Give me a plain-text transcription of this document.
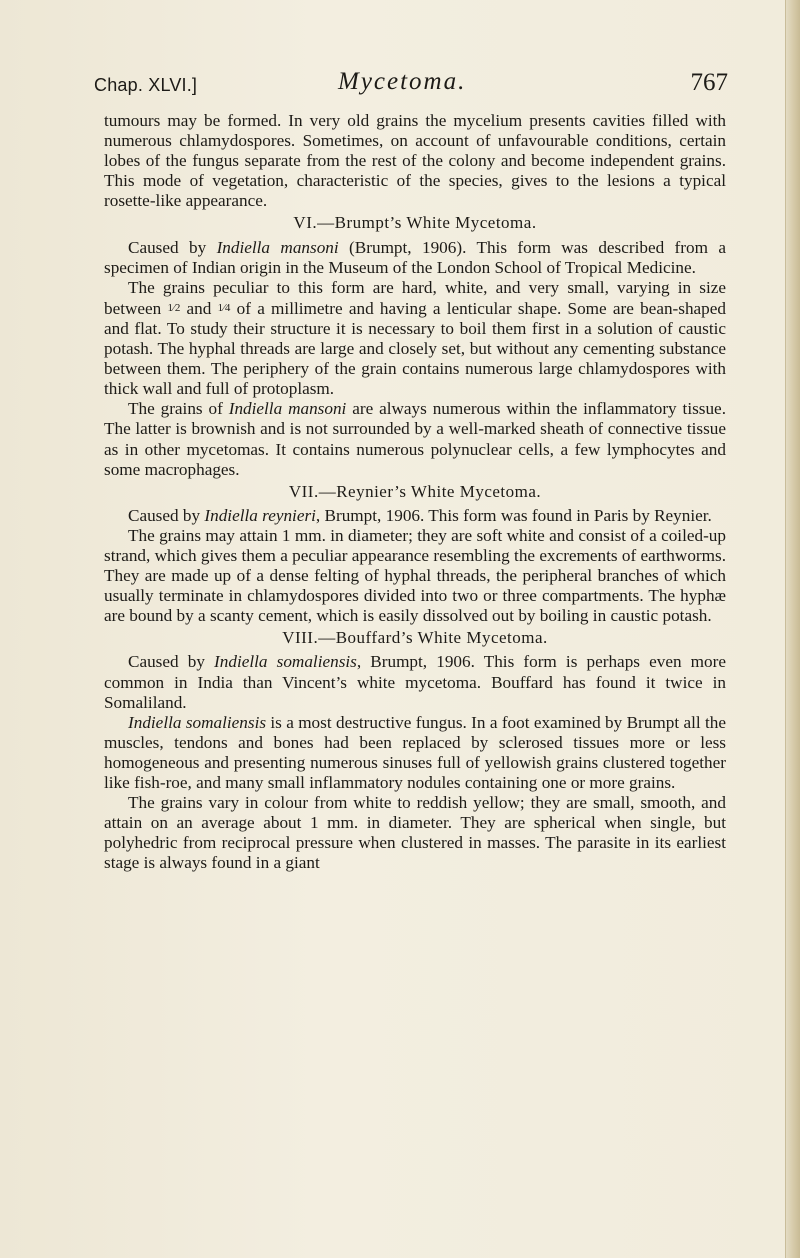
Chap. XLVI.]	Mycetoma.	767

tumours may be formed. In very old grains the mycelium presents cavities filled with numerous chlamydospores. Sometimes, on account of unfavourable conditions, certain lobes of the fungus separate from the rest of the colony and become independent grains. This mode of vegetation, characteristic of the species, gives to the lesions a typical rosette-like appearance.

VI.—Brumpt’s White Mycetoma.

Caused by Indiella mansoni (Brumpt, 1906). This form was described from a specimen of Indian origin in the Museum of the London School of Tropical Medicine.

The grains peculiar to this form are hard, white, and very small, varying in size between 1⁄2 and 1⁄4 of a millimetre and having a lenticular shape. Some are bean-shaped and flat. To study their structure it is necessary to boil them first in a solution of caustic potash. The hyphal threads are large and closely set, but without any cementing substance between them. The periphery of the grain contains numerous large chlamydospores with thick wall and full of protoplasm.

The grains of Indiella mansoni are always numerous within the inflammatory tissue. The latter is brownish and is not surrounded by a well-marked sheath of connective tissue as in other mycetomas. It contains numerous polynuclear cells, a few lymphocytes and some macrophages.

VII.—Reynier’s White Mycetoma.

Caused by Indiella reynieri, Brumpt, 1906. This form was found in Paris by Reynier.

The grains may attain 1 mm. in diameter; they are soft white and consist of a coiled-up strand, which gives them a peculiar appearance resembling the excrements of earthworms. They are made up of a dense felting of hyphal threads, the peripheral branches of which usually terminate in chlamydospores divided into two or three compartments. The hyphæ are bound by a scanty cement, which is easily dissolved out by boiling in caustic potash.

VIII.—Bouffard’s White Mycetoma.

Caused by Indiella somaliensis, Brumpt, 1906. This form is perhaps even more common in India than Vincent’s white mycetoma. Bouffard has found it twice in Somaliland.

Indiella somaliensis is a most destructive fungus. In a foot examined by Brumpt all the muscles, tendons and bones had been replaced by sclerosed tissues more or less homogeneous and presenting numerous sinuses full of yellowish grains clustered together like fish-roe, and many small inflammatory nodules containing one or more grains.

The grains vary in colour from white to reddish yellow; they are small, smooth, and attain on an average about 1 mm. in diameter. They are spherical when single, but polyhedric from reciprocal pressure when clustered in masses. The parasite in its earliest stage is always found in a giant
